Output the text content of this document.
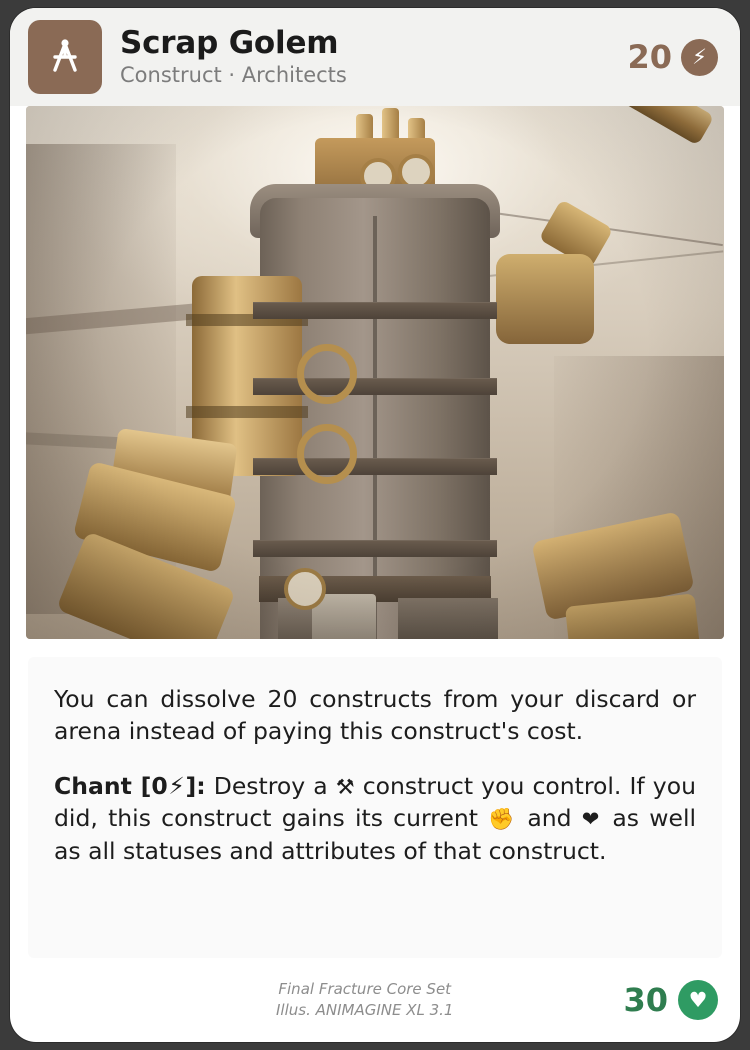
Scrap Golem
Construct · Architects	20 ⚡

You can dissolve 20 constructs from your discard or arena instead of paying this construct's cost.

Chant [0⚡]: Destroy a ⚒ construct you control. If you did, this construct gains its current ✊ and ❤ as well as all statuses and attributes of that construct.

Final Fracture Core Set
Illus. ANIMAGINE XL 3.1	30 ♥
